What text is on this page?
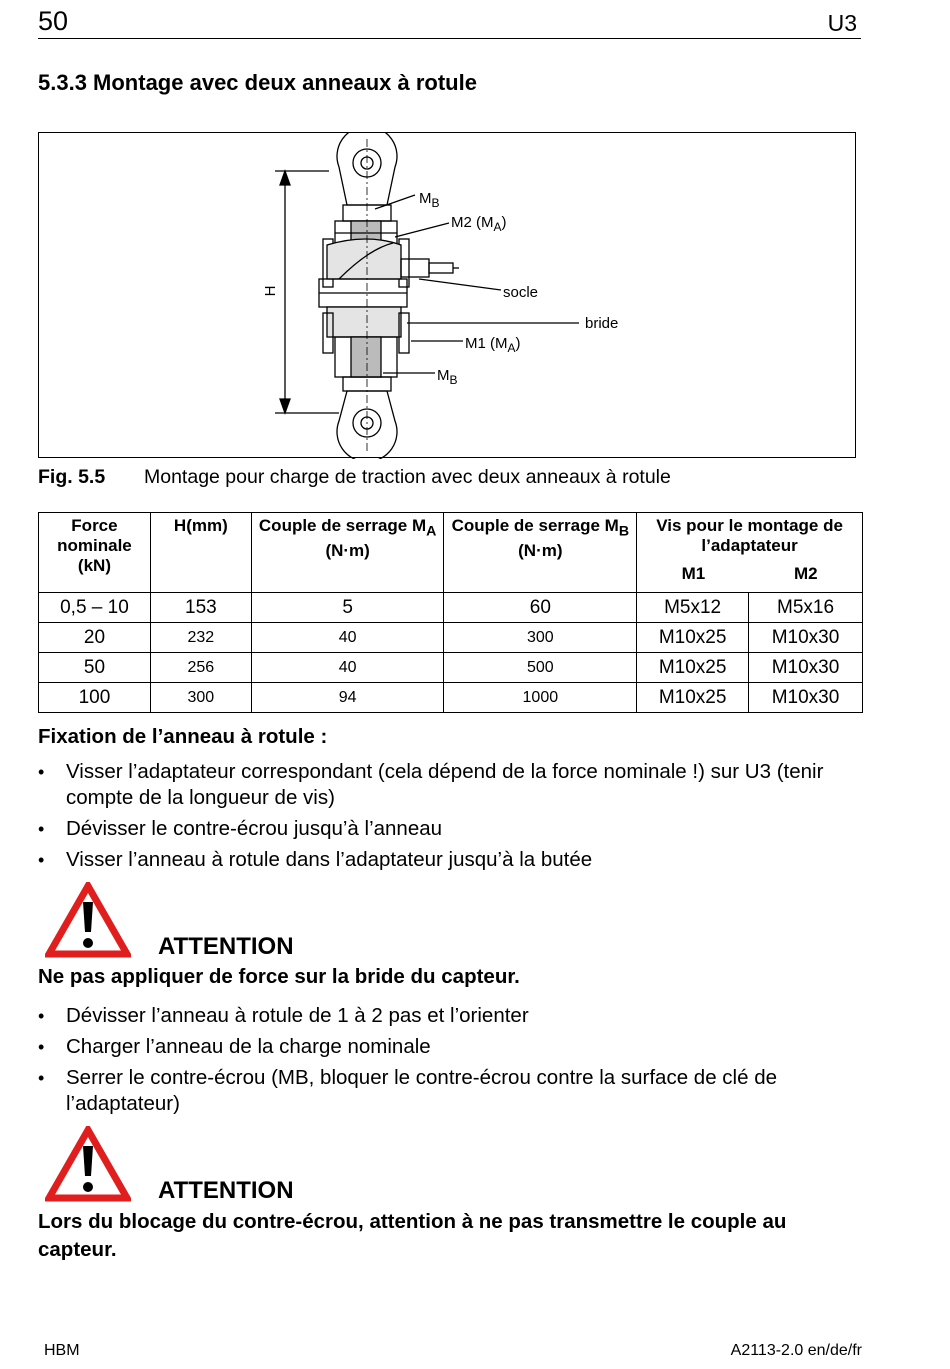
50	U3
5.3.3 Montage avec deux anneaux à rotule
$M_B$
M2 $(M_A)$
socle
bride
M1 $(M_A)$
$M_B$
H
Fig. 5.5 Montage pour charge de traction avec deux anneaux à rotule
Force nominale (kN)	H(mm)	Couple de serrage $M_A$ (N·m)	Couple de serrage $M_B$ (N·m)	Vis pour le montage de l’adaptateur
M1 M2	

0,5 – 10	153	5	60	M5x12	M5x16
20	232	40	300	M10x25	M10x30
50	256	40	500	M10x25	M10x30
100	300	94	1000	M10x25	M10x30
Fixation de l’anneau à rotule :
• Visser l’adaptateur correspondant (cela dépend de la force nominale !) sur U3 (tenir compte de la longueur de vis)
• Dévisser le contre-écrou jusqu’à l’anneau
• Visser l’anneau à rotule dans l’adaptateur jusqu’à la butée
ATTENTION
Ne pas appliquer de force sur la bride du capteur.
• Dévisser l’anneau à rotule de 1 à 2 pas et l’orienter
• Charger l’anneau de la charge nominale
• Serrer le contre-écrou (MB, bloquer le contre-écrou contre la surface de clé de l’adaptateur)
ATTENTION
Lors du blocage du contre-écrou, attention à ne pas transmettre le couple au capteur.
HBM	A2113-2.0 en/de/fr
